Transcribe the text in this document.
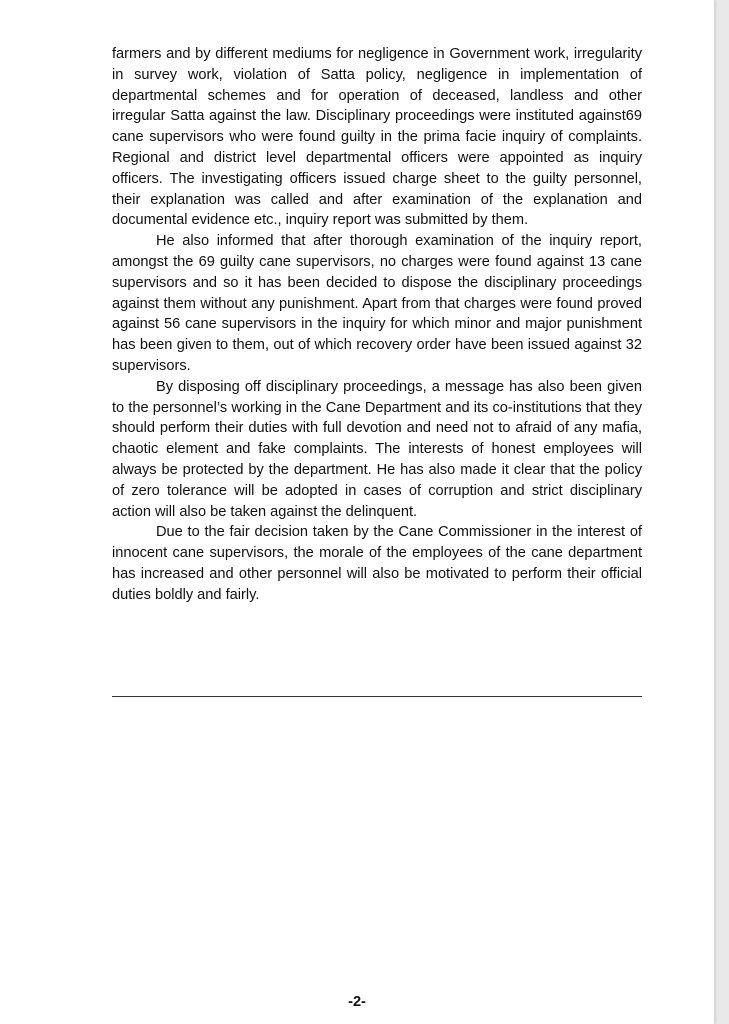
farmers and by different mediums for negligence in Government work, irregularity in survey work, violation of Satta policy, negligence in implementation of departmental schemes and for operation of deceased, landless and other irregular Satta against the law. Disciplinary proceedings were instituted against69 cane supervisors who were found guilty in the prima facie inquiry of complaints. Regional and district level departmental officers were appointed as inquiry officers. The investigating officers issued charge sheet to the guilty personnel, their explanation was called and after examination of the explanation and documental evidence etc., inquiry report was submitted by them.

He also informed that after thorough examination of the inquiry report, amongst the 69 guilty cane supervisors, no charges were found against 13 cane supervisors and so it has been decided to dispose the disciplinary proceedings against them without any punishment. Apart from that charges were found proved against 56 cane supervisors in the inquiry for which minor and major punishment has been given to them, out of which recovery order have been issued against 32 supervisors.

By disposing off disciplinary proceedings, a message has also been given to the personnel’s working in the Cane Department and its co-institutions that they should perform their duties with full devotion and need not to afraid of any mafia, chaotic element and fake complaints. The interests of honest employees will always be protected by the department. He has also made it clear that the policy of zero tolerance will be adopted in cases of corruption and strict disciplinary action will also be taken against the delinquent.

Due to the fair decision taken by the Cane Commissioner in the interest of innocent cane supervisors, the morale of the employees of the cane department has increased and other personnel will also be motivated to perform their official duties boldly and fairly.

-2-
